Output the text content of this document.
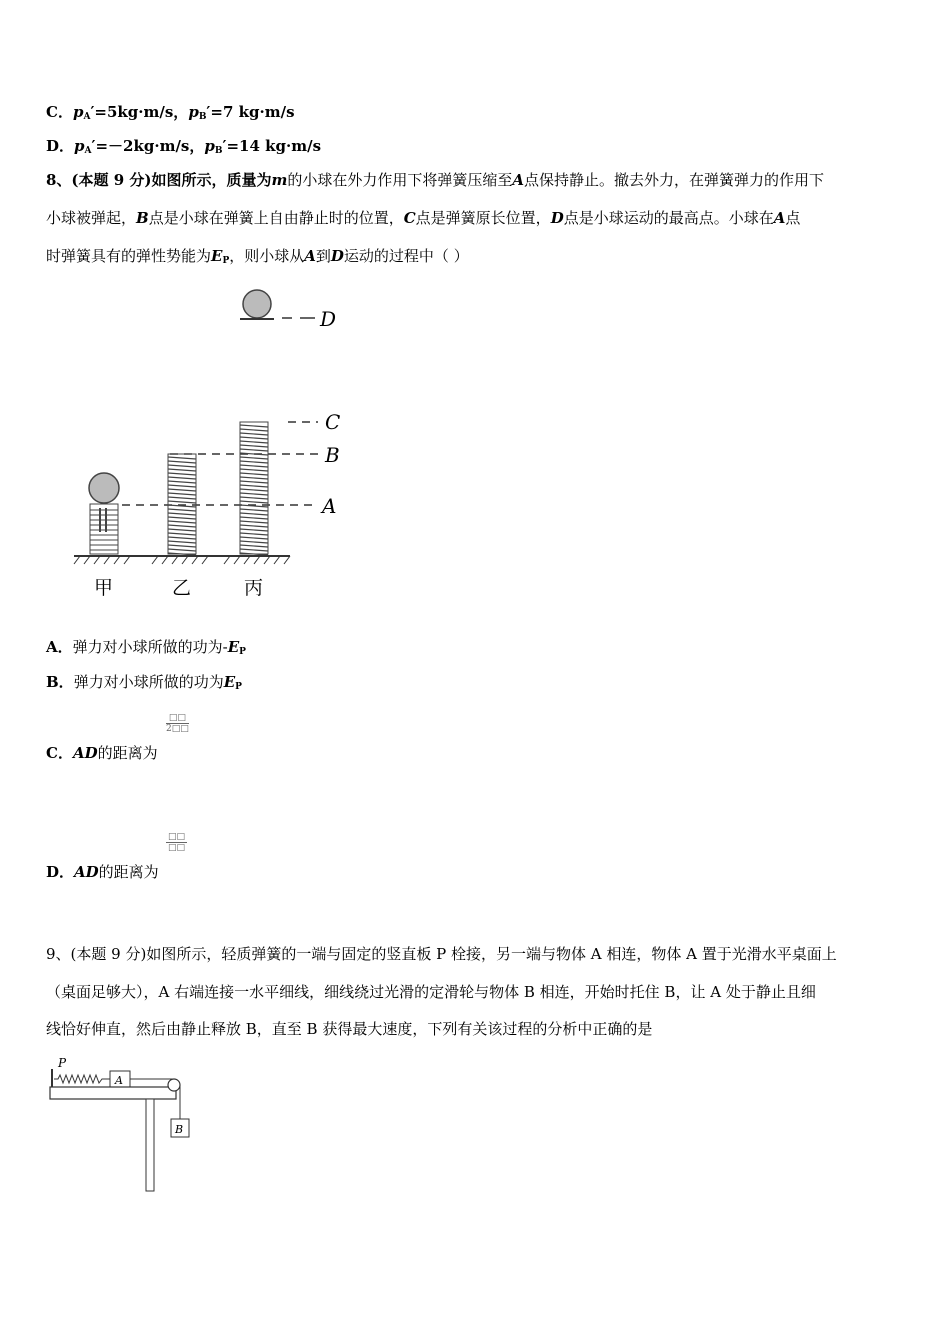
C．$p_A'=5kg\cdot m/s$，$p_B'=7$ kg·m/s
D．$p_A'=-2kg\cdot m/s$，$p_B'=14$ kg·m/s
8、(本题 9 分)如图所示，质量为m的小球在外力作用下将弹簧压缩至A点保持静止。撤去外力，在弹簧弹力的作用下
小球被弹起，B点是小球在弹簧上自由静止时的位置，C点是弹簧原长位置，D点是小球运动的最高点。小球在A点
时弹簧具有的弹性势能为$E_P$，则小球从A到D运动的过程中（ ）
D
C
B
A
甲	乙	丙
A．弹力对小球所做的功为$-E_P$
B．弹力对小球所做的功为$E_P$
□□
2□□
C．AD的距离为
□□
□□
D．AD的距离为
9、(本题 9 分)如图所示，轻质弹簧的一端与固定的竖直板 P 栓接，另一端与物体 A 相连，物体 A 置于光滑水平桌面上
（桌面足够大），A 右端连接一水平细线，细线绕过光滑的定滑轮与物体 B 相连，开始时托住 B，让 A 处于静止且细
线恰好伸直，然后由静止释放 B，直至 B 获得最大速度，下列有关该过程的分析中正确的是
P
A
B
